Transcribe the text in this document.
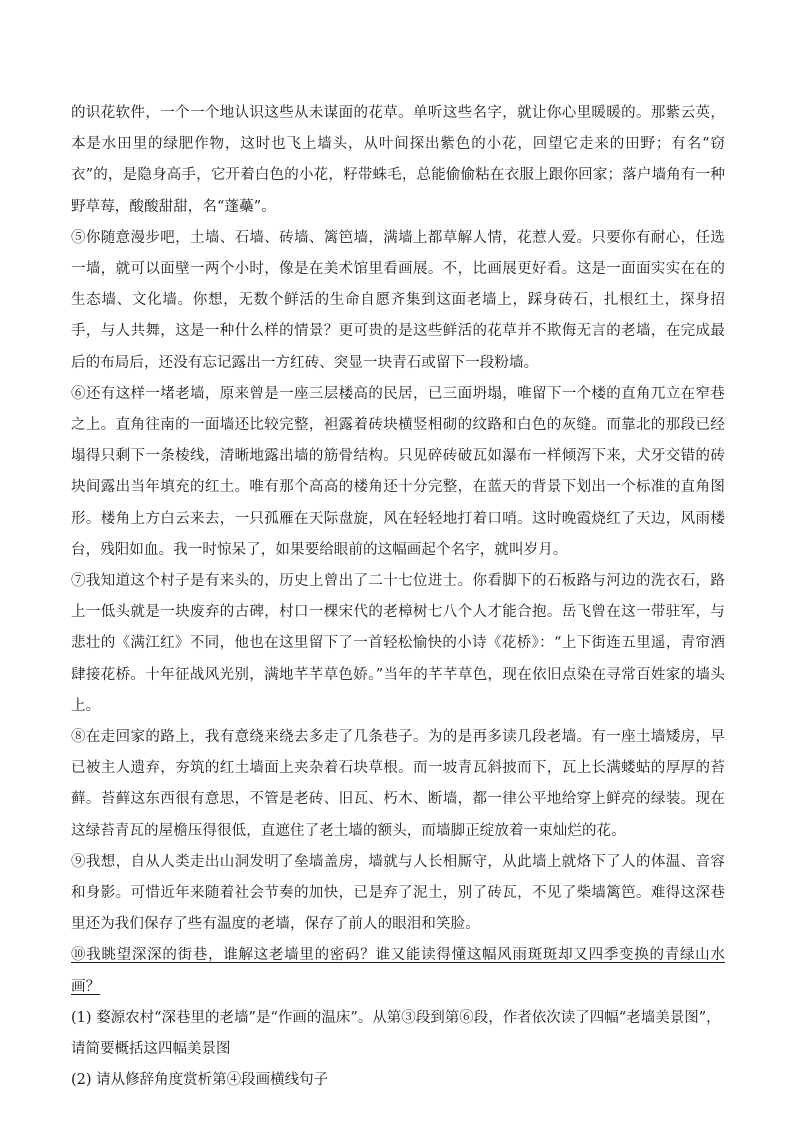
的识花软件，一个一个地认识这些从未谋面的花草。单听这些名字，就让你心里暖暖的。那紫云英，本是水田里的绿肥作物，这时也飞上墙头，从叶间探出紫色的小花，回望它走来的田野；有名“窃衣”的，是隐身高手，它开着白色的小花，籽带蛛毛，总能偷偷粘在衣服上跟你回家；落户墙角有一种野草莓，酸酸甜甜，名“蓬蘽”。

⑤你随意漫步吧，土墙、石墙、砖墙、篱笆墙，满墙上都草解人情，花惹人爱。只要你有耐心，任选一墙，就可以面壁一两个小时，像是在美术馆里看画展。不，比画展更好看。这是一面面实实在在的生态墙、文化墙。你想，无数个鲜活的生命自愿齐集到这面老墙上，踩身砖石，扎根红土，探身招手，与人共舞，这是一种什么样的情景？更可贵的是这些鲜活的花草并不欺侮无言的老墙，在完成最后的布局后，还没有忘记露出一方红砖、突显一块青石或留下一段粉墙。

⑥还有这样一堵老墙，原来曾是一座三层楼高的民居，已三面坍塌，唯留下一个楼的直角兀立在窄巷之上。直角往南的一面墙还比较完整，袒露着砖块横竖相砌的纹路和白色的灰缝。而靠北的那段已经塌得只剩下一条棱线，清晰地露出墙的筋骨结构。只见碎砖破瓦如瀑布一样倾泻下来，犬牙交错的砖块间露出当年填充的红土。唯有那个高高的楼角还十分完整，在蓝天的背景下划出一个标准的直角图形。楼角上方白云来去，一只孤雁在天际盘旋，风在轻轻地打着口哨。这时晚霞烧红了天边，风雨楼台，残阳如血。我一时惊呆了，如果要给眼前的这幅画起个名字，就叫岁月。

⑦我知道这个村子是有来头的，历史上曾出了二十七位进士。你看脚下的石板路与河边的洗衣石，路上一低头就是一块废弃的古碑，村口一棵宋代的老樟树七八个人才能合抱。岳飞曾在这一带驻军，与悲壮的《满江红》不同，他也在这里留下了一首轻松愉快的小诗《花桥》：“上下街连五里遥，青帘酒肆接花桥。十年征战风光别，满地芊芊草色娇。”当年的芊芊草色，现在依旧点染在寻常百姓家的墙头上。

⑧在走回家的路上，我有意绕来绕去多走了几条巷子。为的是再多读几段老墙。有一座土墙矮房，早已被主人遗弃，夯筑的红土墙面上夹杂着石块草根。而一坡青瓦斜披而下，瓦上长满蝼蛄的厚厚的苔藓。苔藓这东西很有意思，不管是老砖、旧瓦、朽木、断墙，都一律公平地给穿上鲜亮的绿装。现在这绿苔青瓦的屋檐压得很低，直遮住了老土墙的额头，而墙脚正绽放着一束灿烂的花。

⑨我想，自从人类走出山洞发明了垒墙盖房，墙就与人长相厮守，从此墙上就烙下了人的体温、音容和身影。可惜近年来随着社会节奏的加快，已是弃了泥土，别了砖瓦，不见了柴墙篱笆。难得这深巷里还为我们保存了些有温度的老墙，保存了前人的眼泪和笑脸。

⑩我眺望深深的街巷，谁解这老墙里的密码？谁又能读得懂这幅风雨斑斑却又四季变换的青绿山水画？

(1) 婺源农村“深巷里的老墙”是“作画的温床”。从第③段到第⑥段，作者依次读了四幅“老墙美景图”，请简要概括这四幅美景图

(2) 请从修辞角度赏析第④段画横线句子
